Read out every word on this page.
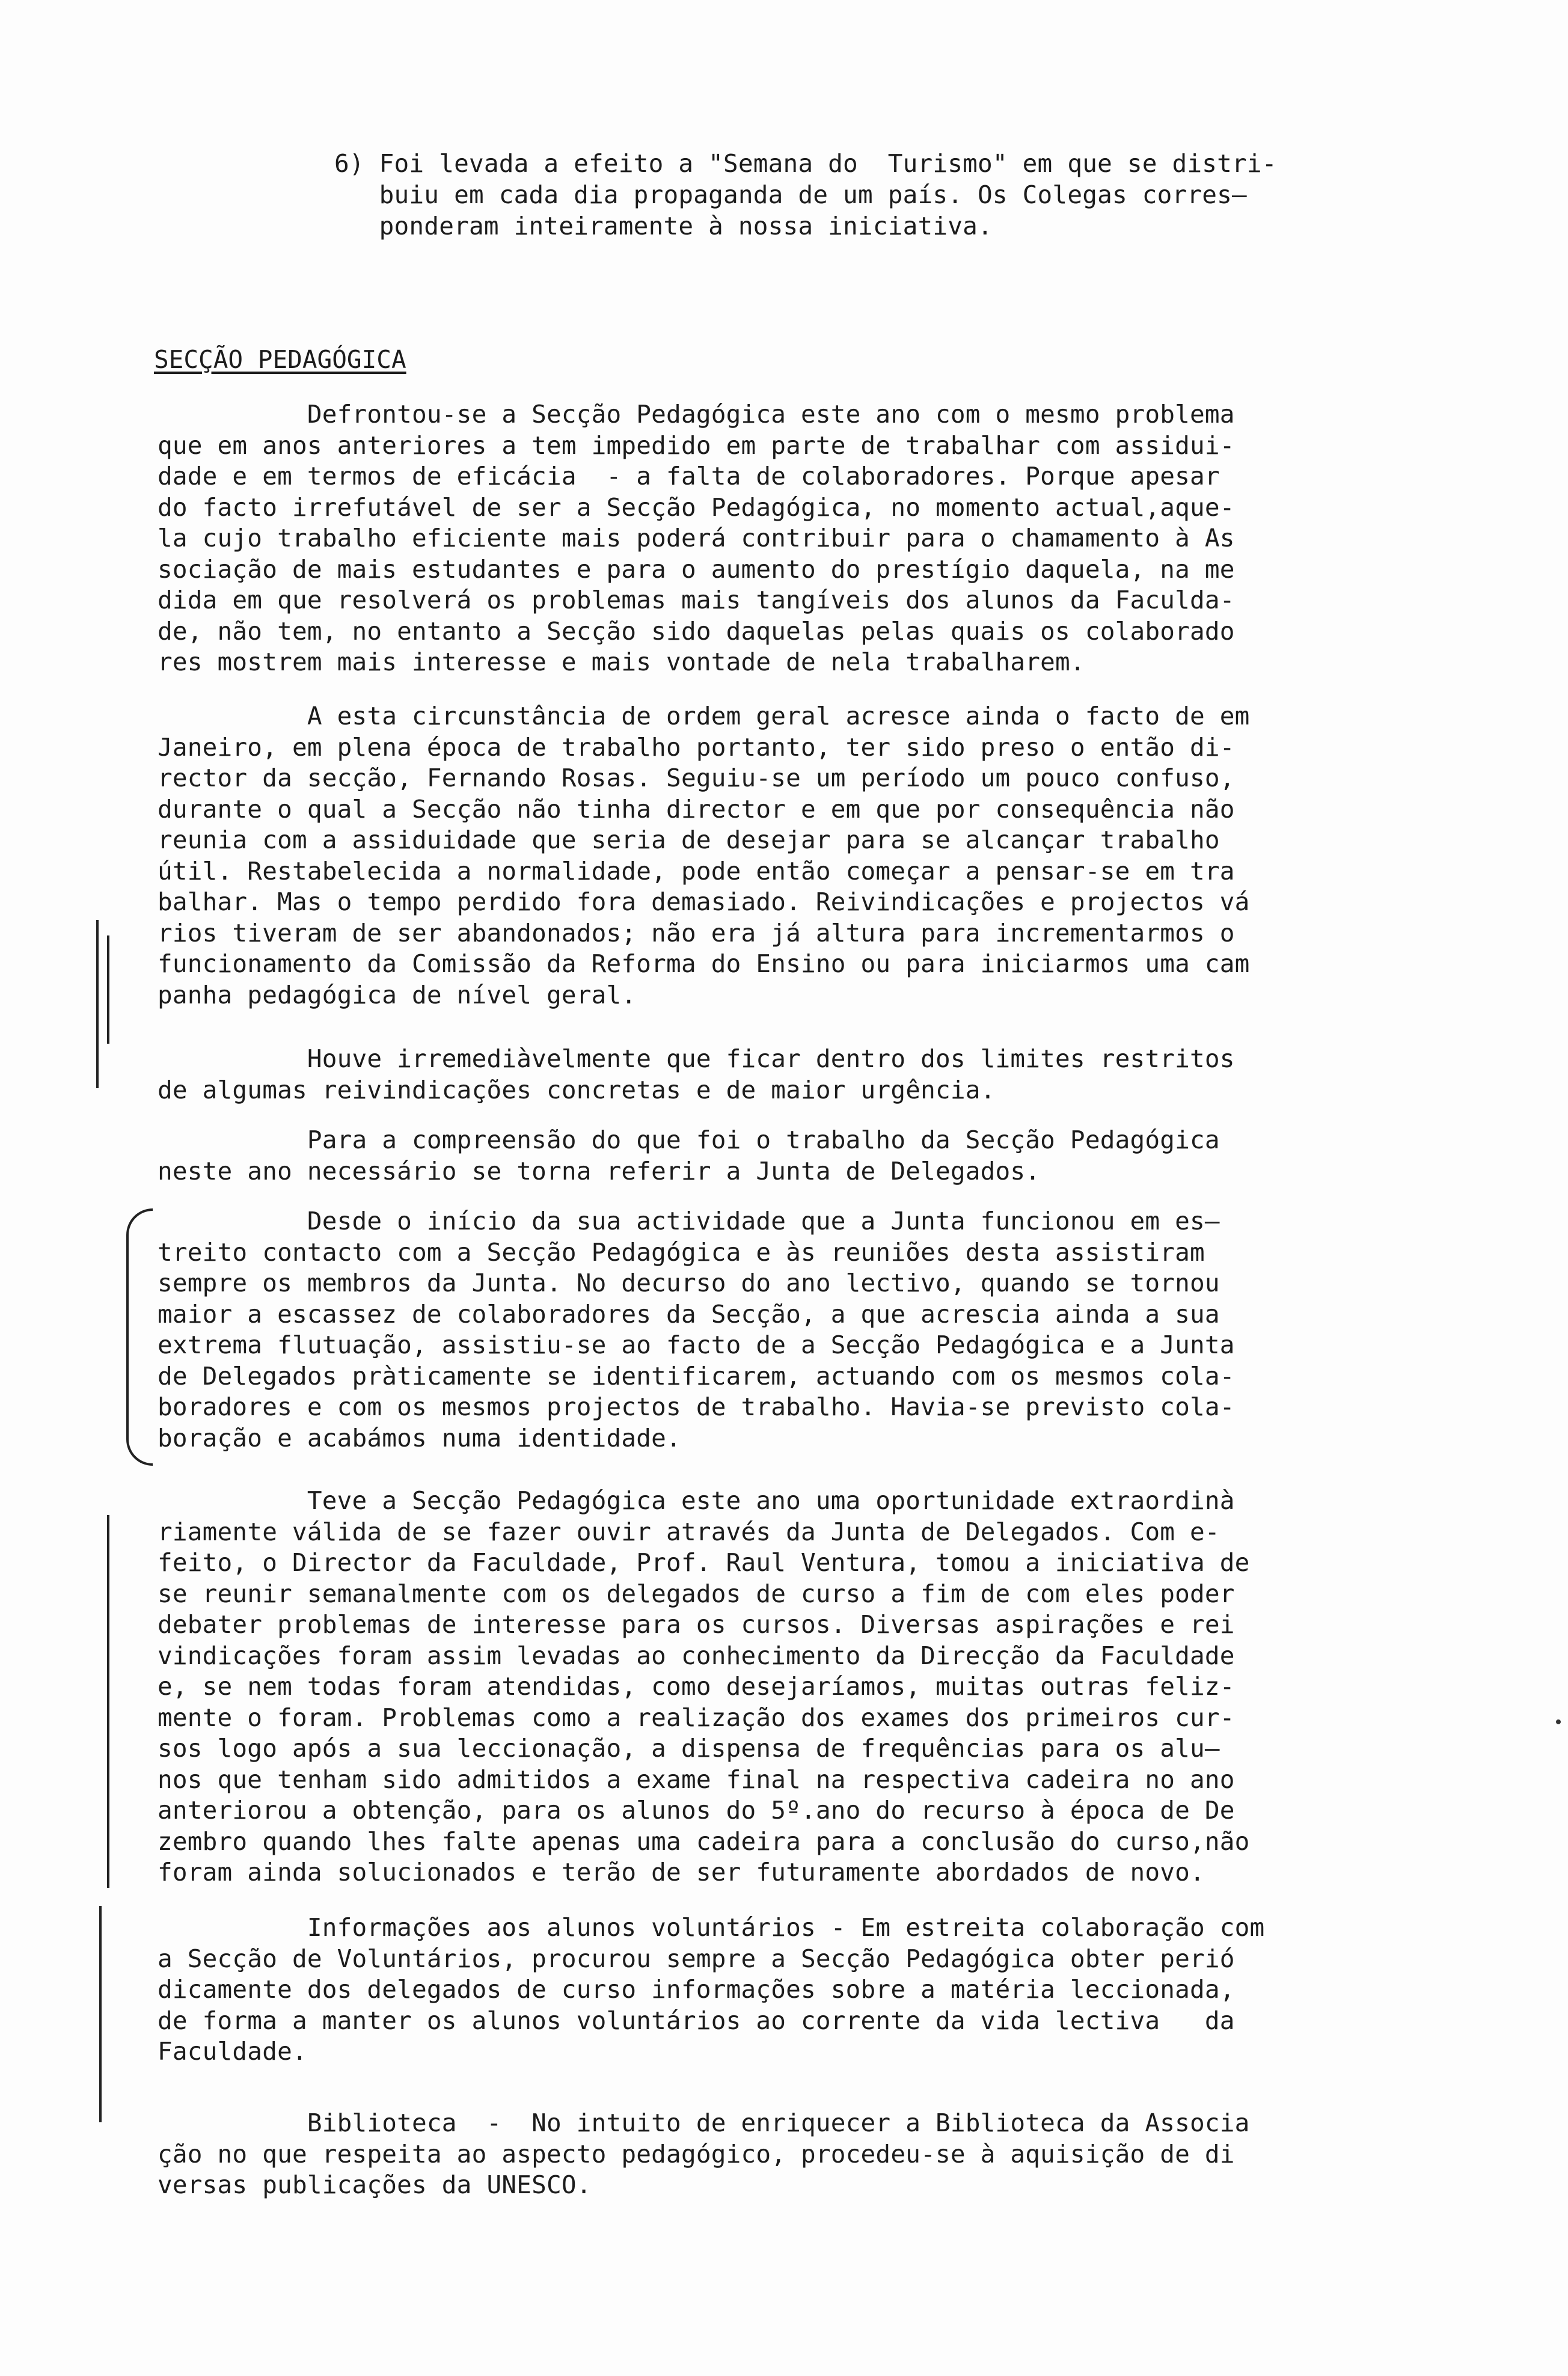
6) Foi levada a efeito a "Semana do  Turismo" em que se distri-
buiu em cada dia propaganda de um país. Os Colegas corres—
ponderam inteiramente à nossa iniciativa.
SECÇÃO PEDAGÓGICA
Defrontou-se a Secção Pedagógica este ano com o mesmo problema
que em anos anteriores a tem impedido em parte de trabalhar com assidui-
dade e em termos de eficácia  - a falta de colaboradores. Porque apesar
do facto irrefutável de ser a Secção Pedagógica, no momento actual,aque-
la cujo trabalho eficiente mais poderá contribuir para o chamamento à As
sociação de mais estudantes e para o aumento do prestígio daquela, na me
dida em que resolverá os problemas mais tangíveis dos alunos da Faculda-
de, não tem, no entanto a Secção sido daquelas pelas quais os colaborado
res mostrem mais interesse e mais vontade de nela trabalharem.
A esta circunstância de ordem geral acresce ainda o facto de em
Janeiro, em plena época de trabalho portanto, ter sido preso o então di-
rector da secção, Fernando Rosas. Seguiu-se um período um pouco confuso,
durante o qual a Secção não tinha director e em que por consequência não
reunia com a assiduidade que seria de desejar para se alcançar trabalho
útil. Restabelecida a normalidade, pode então começar a pensar-se em tra
balhar. Mas o tempo perdido fora demasiado. Reivindicações e projectos vá
rios tiveram de ser abandonados; não era já altura para incrementarmos o
funcionamento da Comissão da Reforma do Ensino ou para iniciarmos uma cam
panha pedagógica de nível geral.
Houve irremediàvelmente que ficar dentro dos limites restritos
de algumas reivindicações concretas e de maior urgência.
Para a compreensão do que foi o trabalho da Secção Pedagógica
neste ano necessário se torna referir a Junta de Delegados.
Desde o início da sua actividade que a Junta funcionou em es—
treito contacto com a Secção Pedagógica e às reuniões desta assistiram
sempre os membros da Junta. No decurso do ano lectivo, quando se tornou
maior a escassez de colaboradores da Secção, a que acrescia ainda a sua
extrema flutuação, assistiu-se ao facto de a Secção Pedagógica e a Junta
de Delegados pràticamente se identificarem, actuando com os mesmos cola-
boradores e com os mesmos projectos de trabalho. Havia-se previsto cola-
boração e acabámos numa identidade.
Teve a Secção Pedagógica este ano uma oportunidade extraordinà
riamente válida de se fazer ouvir através da Junta de Delegados. Com e-
feito, o Director da Faculdade, Prof. Raul Ventura, tomou a iniciativa de
se reunir semanalmente com os delegados de curso a fim de com eles poder
debater problemas de interesse para os cursos. Diversas aspirações e rei
vindicações foram assim levadas ao conhecimento da Direcção da Faculdade
e, se nem todas foram atendidas, como desejaríamos, muitas outras feliz-
mente o foram. Problemas como a realização dos exames dos primeiros cur-
sos logo após a sua leccionação, a dispensa de frequências para os alu—
nos que tenham sido admitidos a exame final na respectiva cadeira no ano
anteriorou a obtenção, para os alunos do 5º.ano do recurso à época de De
zembro quando lhes falte apenas uma cadeira para a conclusão do curso,não
foram ainda solucionados e terão de ser futuramente abordados de novo.
Informações aos alunos voluntários - Em estreita colaboração com
a Secção de Voluntários, procurou sempre a Secção Pedagógica obter perió
dicamente dos delegados de curso informações sobre a matéria leccionada,
de forma a manter os alunos voluntários ao corrente da vida lectiva   da
Faculdade.
Biblioteca  -  No intuito de enriquecer a Biblioteca da Associa
ção no que respeita ao aspecto pedagógico, procedeu-se à aquisição de di
versas publicações da UNESCO.
